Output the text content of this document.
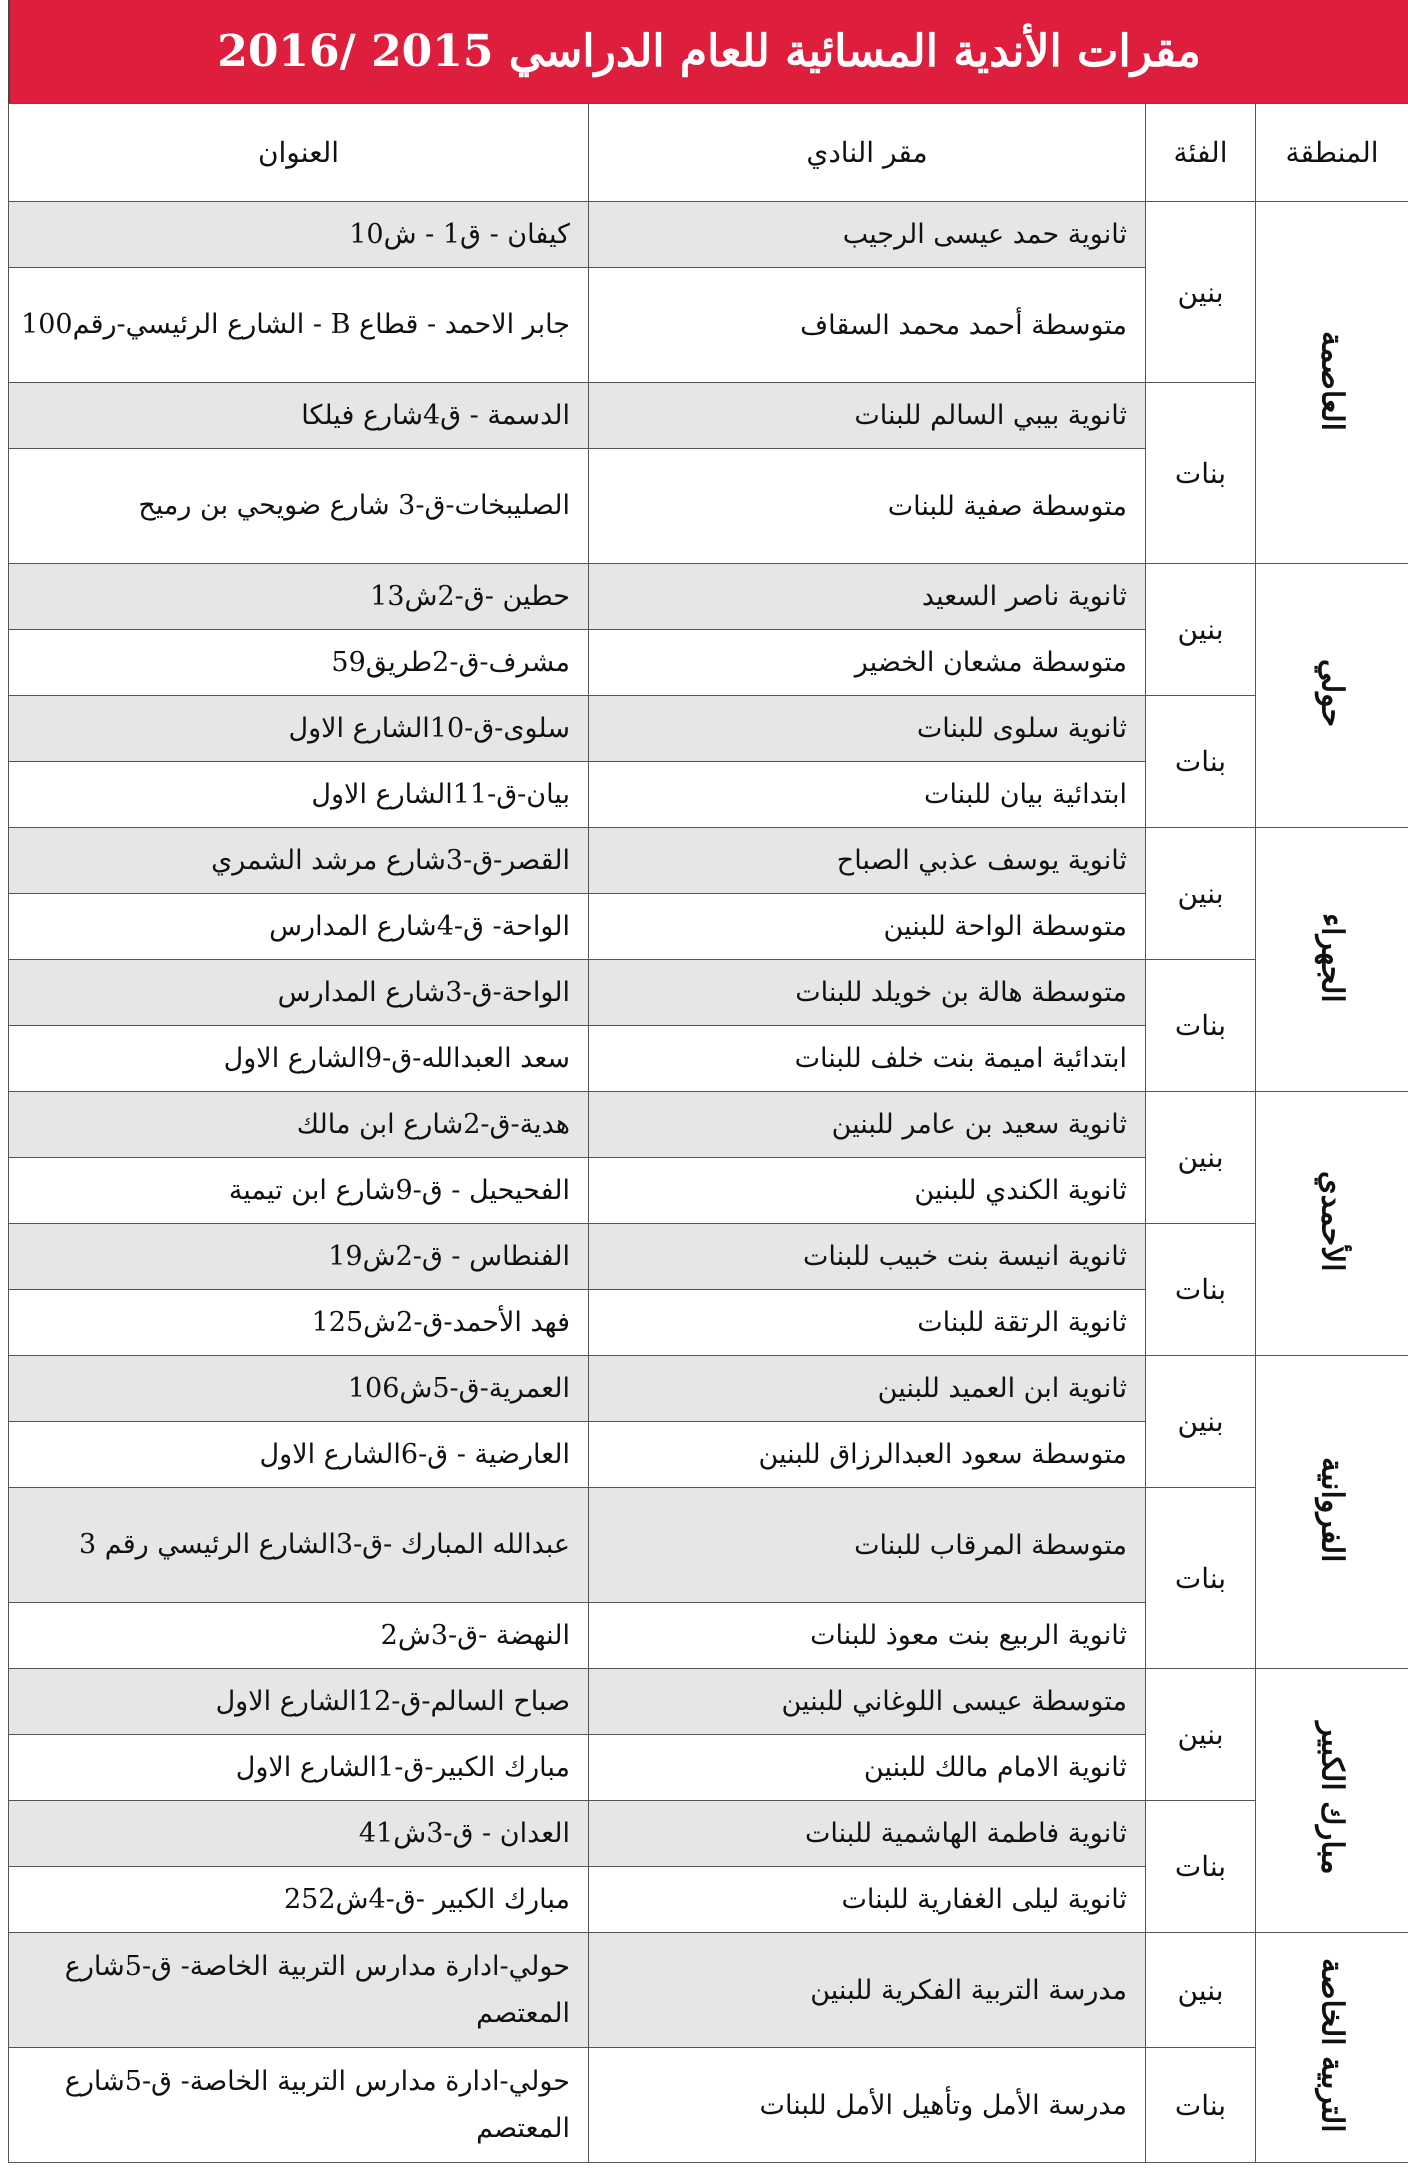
مقرات الأندية المسائية للعام الدراسي 2015 /2016
المنطقة	الفئة	مقر النادي	العنوان
العاصمة	بنين	ثانوية حمد عيسى الرجيب	كيفان - ق1 - ش10
		متوسطة أحمد محمد السقاف	جابر الاحمد - قطاع B - الشارع الرئيسي-رقم100
	بنات	ثانوية بيبي السالم للبنات	الدسمة - ق4شارع فيلكا
		متوسطة صفية للبنات	الصليبخات-ق-3 شارع ضويحي بن رميح
حولي	بنين	ثانوية ناصر السعيد	حطين -ق-2ش13
		متوسطة مشعان الخضير	مشرف-ق-2طريق59
	بنات	ثانوية سلوى للبنات	سلوى-ق-10الشارع الاول
		ابتدائية بيان للبنات	بيان-ق-11الشارع الاول
الجهراء	بنين	ثانوية يوسف عذبي الصباح	القصر-ق-3شارع مرشد الشمري
		متوسطة الواحة للبنين	الواحة- ق-4شارع المدارس
	بنات	متوسطة هالة بن خويلد للبنات	الواحة-ق-3شارع المدارس
		ابتدائية اميمة بنت خلف للبنات	سعد العبدالله-ق-9الشارع الاول
الأحمدي	بنين	ثانوية سعيد بن عامر للبنين	هدية-ق-2شارع ابن مالك
		ثانوية الكندي للبنين	الفحيحيل - ق-9شارع ابن تيمية
	بنات	ثانوية انيسة بنت خبيب للبنات	الفنطاس - ق-2ش19
		ثانوية الرتقة للبنات	فهد الأحمد-ق-2ش125
الفروانية	بنين	ثانوية ابن العميد للبنين	العمرية-ق-5ش106
		متوسطة سعود العبدالرزاق للبنين	العارضية - ق-6الشارع الاول
	بنات	متوسطة المرقاب للبنات	عبدالله المبارك -ق-3الشارع الرئيسي رقم 3
		ثانوية الربيع بنت معوذ للبنات	النهضة -ق-3ش2
مبارك الكبير	بنين	متوسطة عيسى اللوغاني للبنين	صباح السالم-ق-12الشارع الاول
		ثانوية الامام مالك للبنين	مبارك الكبير-ق-1الشارع الاول
	بنات	ثانوية فاطمة الهاشمية للبنات	العدان - ق-3ش41
		ثانوية ليلى الغفارية للبنات	مبارك الكبير -ق-4ش252
التربية الخاصة	بنين	مدرسة التربية الفكرية للبنين	حولي-ادارة مدارس التربية الخاصة- ق-5شارع المعتصم
	بنات	مدرسة الأمل وتأهيل الأمل للبنات	حولي-ادارة مدارس التربية الخاصة- ق-5شارع المعتصم
